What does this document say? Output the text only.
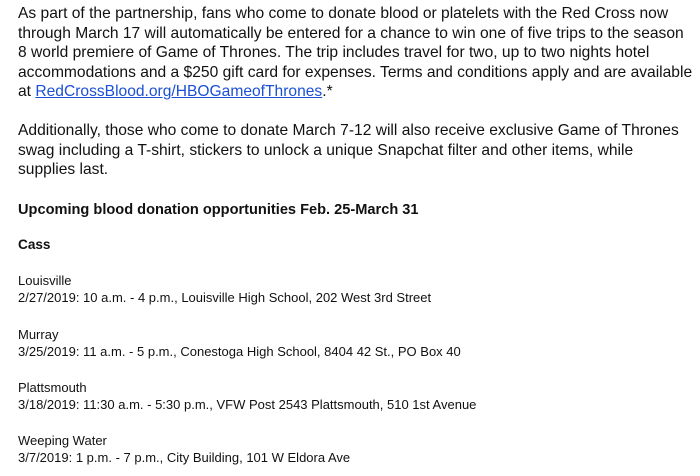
As part of the partnership, fans who come to donate blood or platelets with the Red Cross now through March 17 will automatically be entered for a chance to win one of five trips to the season 8 world premiere of Game of Thrones. The trip includes travel for two, up to two nights hotel accommodations and a $250 gift card for expenses. Terms and conditions apply and are available at RedCrossBlood.org/HBOGameofThrones.*

Additionally, those who come to donate March 7-12 will also receive exclusive Game of Thrones swag including a T-shirt, stickers to unlock a unique Snapchat filter and other items, while supplies last.

Upcoming blood donation opportunities Feb. 25-March 31
Cass
Louisville
2/27/2019: 10 a.m. - 4 p.m., Louisville High School, 202 West 3rd Street
Murray
3/25/2019: 11 a.m. - 5 p.m., Conestoga High School, 8404 42 St., PO Box 40
Plattsmouth
3/18/2019: 11:30 a.m. - 5:30 p.m., VFW Post 2543 Plattsmouth, 510 1st Avenue
Weeping Water
3/7/2019: 1 p.m. - 7 p.m., City Building, 101 W Eldora Ave
